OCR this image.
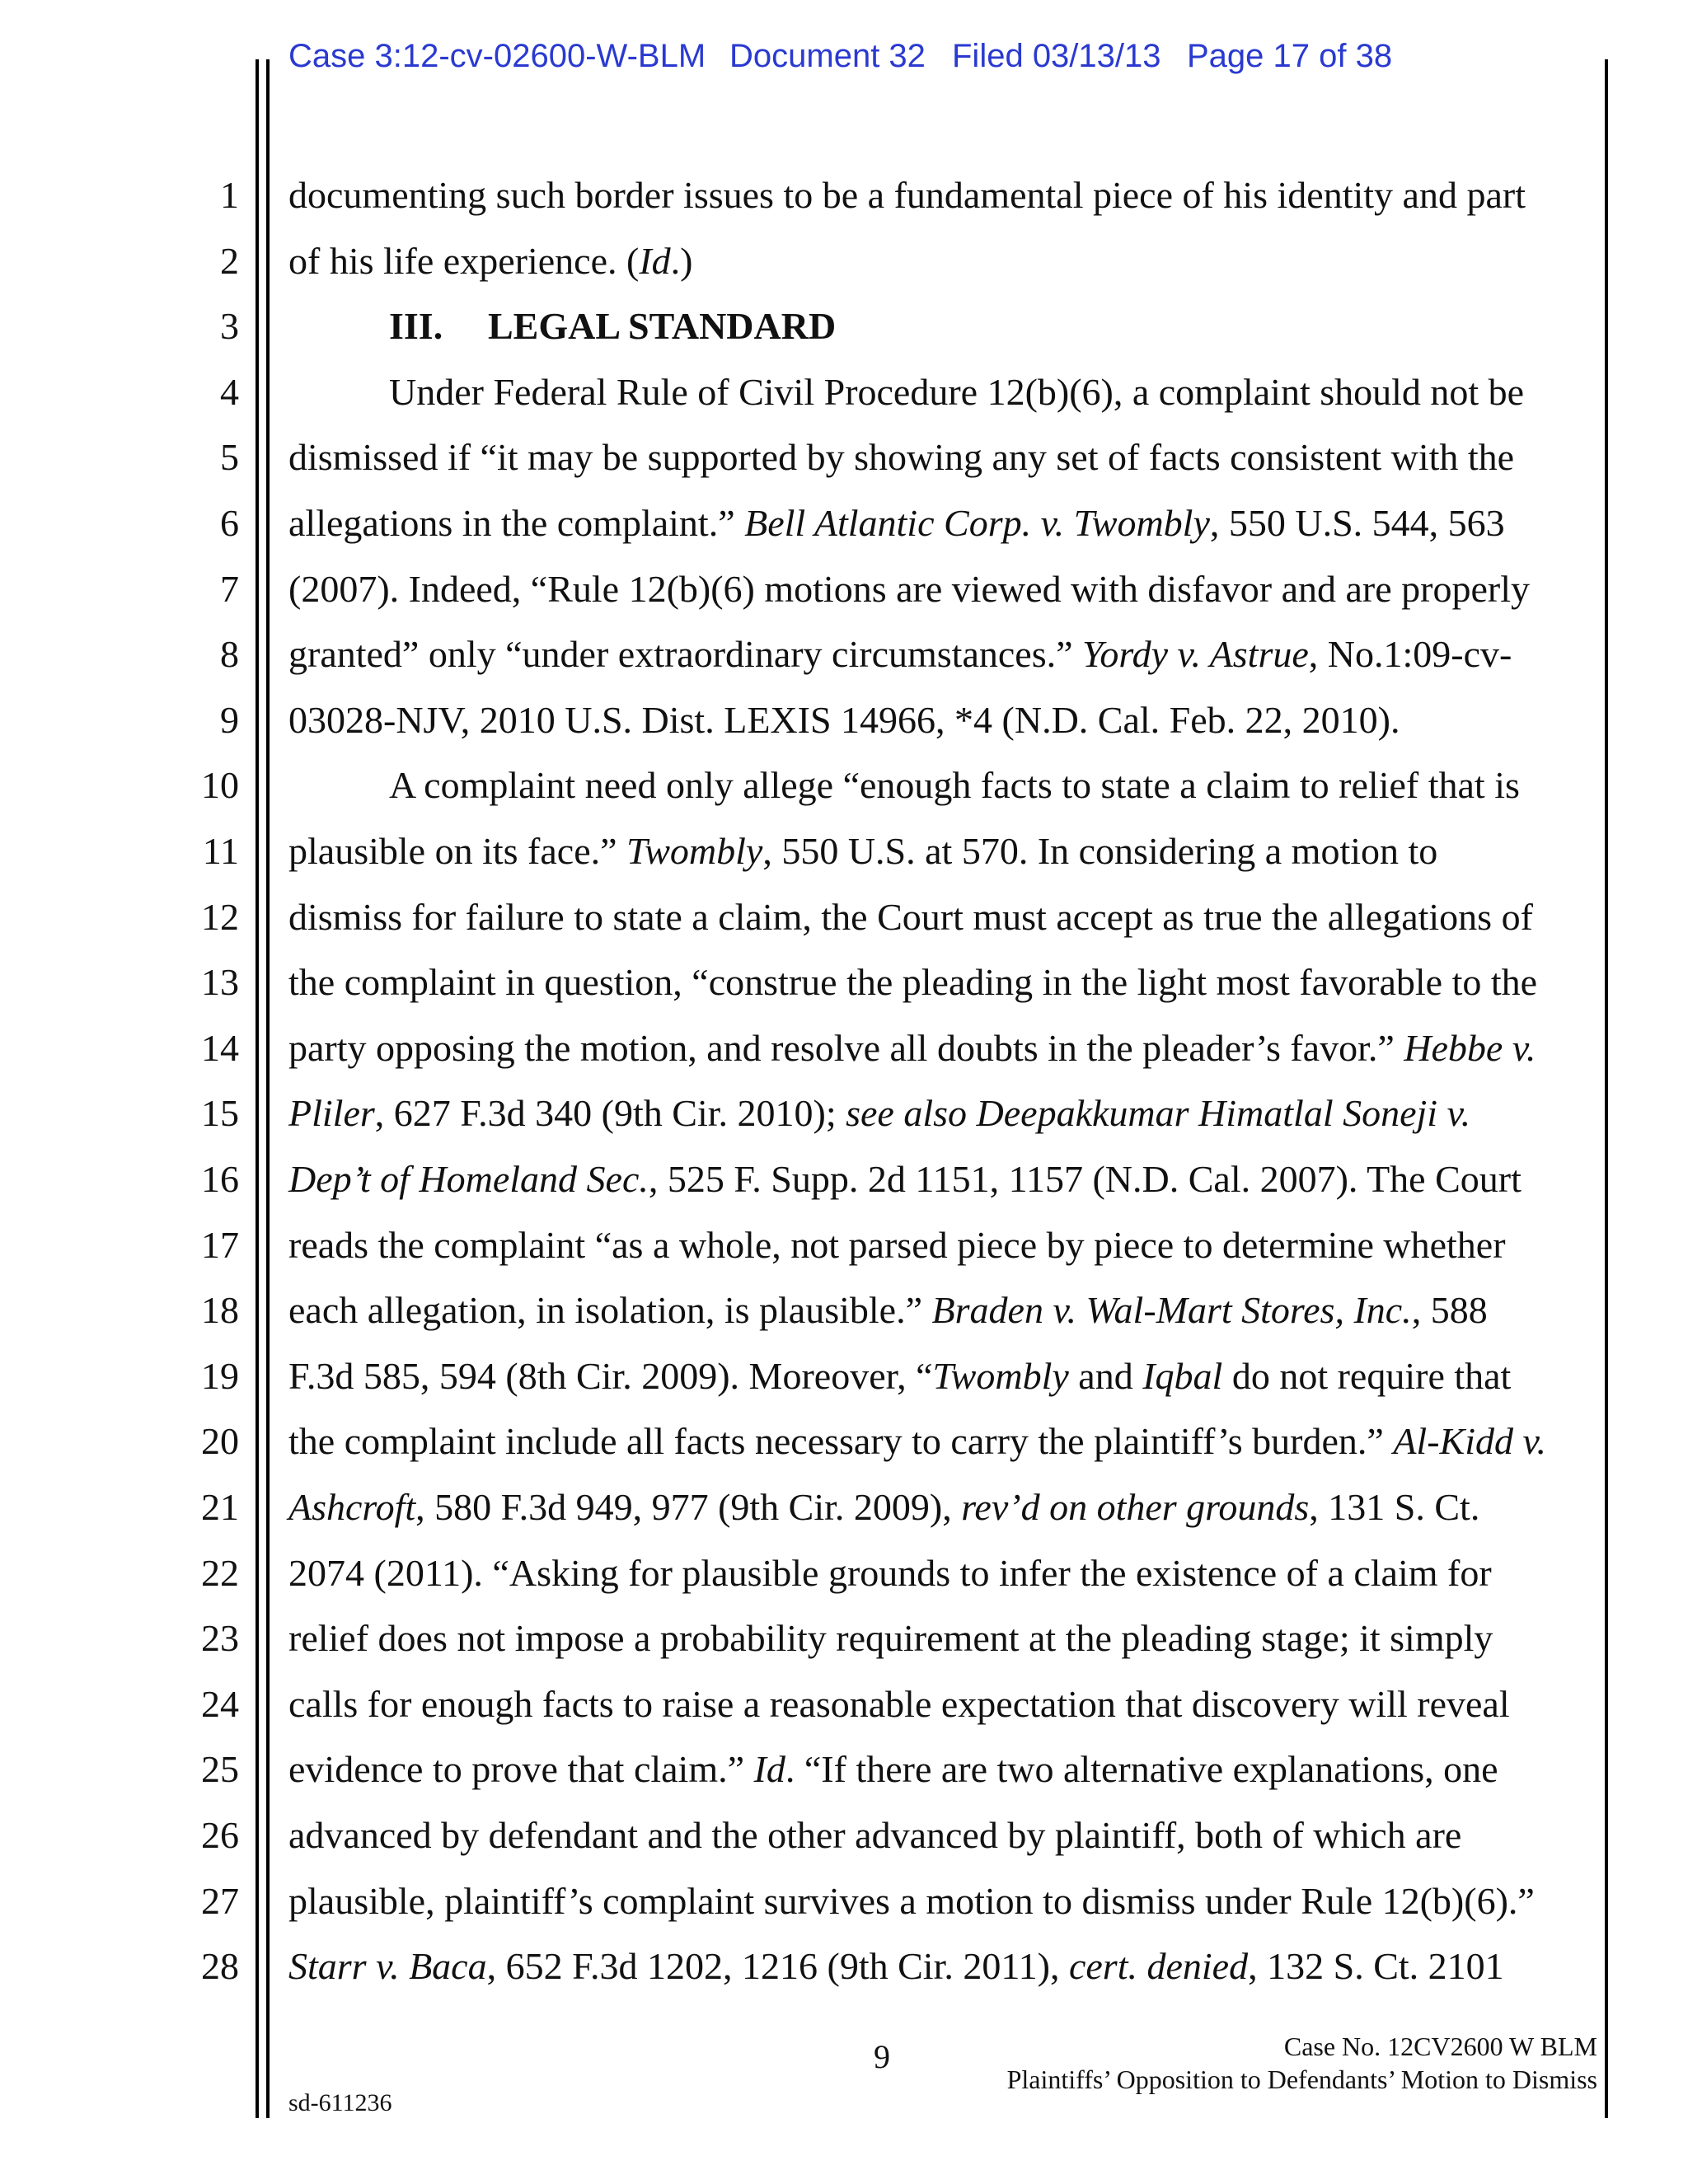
Case 3:12-cv-02600-W-BLM Document 32 Filed 03/13/13 Page 17 of 38
1
2
3
4
5
6
7
8
9
10
11
12
13
14
15
16
17
18
19
20
21
22
23
24
25
26
27
28
documenting such border issues to be a fundamental piece of his identity and part
of his life experience. (Id.)
III. LEGAL STANDARD
Under Federal Rule of Civil Procedure 12(b)(6), a complaint should not be
dismissed if “it may be supported by showing any set of facts consistent with the
allegations in the complaint.” Bell Atlantic Corp. v. Twombly, 550 U.S. 544, 563
(2007). Indeed, “Rule 12(b)(6) motions are viewed with disfavor and are properly
granted” only “under extraordinary circumstances.” Yordy v. Astrue, No.1:09-cv-
03028-NJV, 2010 U.S. Dist. LEXIS 14966, *4 (N.D. Cal. Feb. 22, 2010).
A complaint need only allege “enough facts to state a claim to relief that is
plausible on its face.” Twombly, 550 U.S. at 570. In considering a motion to
dismiss for failure to state a claim, the Court must accept as true the allegations of
the complaint in question, “construe the pleading in the light most favorable to the
party opposing the motion, and resolve all doubts in the pleader’s favor.” Hebbe v.
Pliler, 627 F.3d 340 (9th Cir. 2010); see also Deepakkumar Himatlal Soneji v.
Dep’t of Homeland Sec., 525 F. Supp. 2d 1151, 1157 (N.D. Cal. 2007). The Court
reads the complaint “as a whole, not parsed piece by piece to determine whether
each allegation, in isolation, is plausible.” Braden v. Wal-Mart Stores, Inc., 588
F.3d 585, 594 (8th Cir. 2009). Moreover, “Twombly and Iqbal do not require that
the complaint include all facts necessary to carry the plaintiff’s burden.” Al-Kidd v.
Ashcroft, 580 F.3d 949, 977 (9th Cir. 2009), rev’d on other grounds, 131 S. Ct.
2074 (2011). “Asking for plausible grounds to infer the existence of a claim for
relief does not impose a probability requirement at the pleading stage; it simply
calls for enough facts to raise a reasonable expectation that discovery will reveal
evidence to prove that claim.” Id. “If there are two alternative explanations, one
advanced by defendant and the other advanced by plaintiff, both of which are
plausible, plaintiff’s complaint survives a motion to dismiss under Rule 12(b)(6).”
Starr v. Baca, 652 F.3d 1202, 1216 (9th Cir. 2011), cert. denied, 132 S. Ct. 2101
9	Case No. 12CV2600 W BLM
Plaintiffs’ Opposition to Defendants’ Motion to Dismiss
sd-611236
